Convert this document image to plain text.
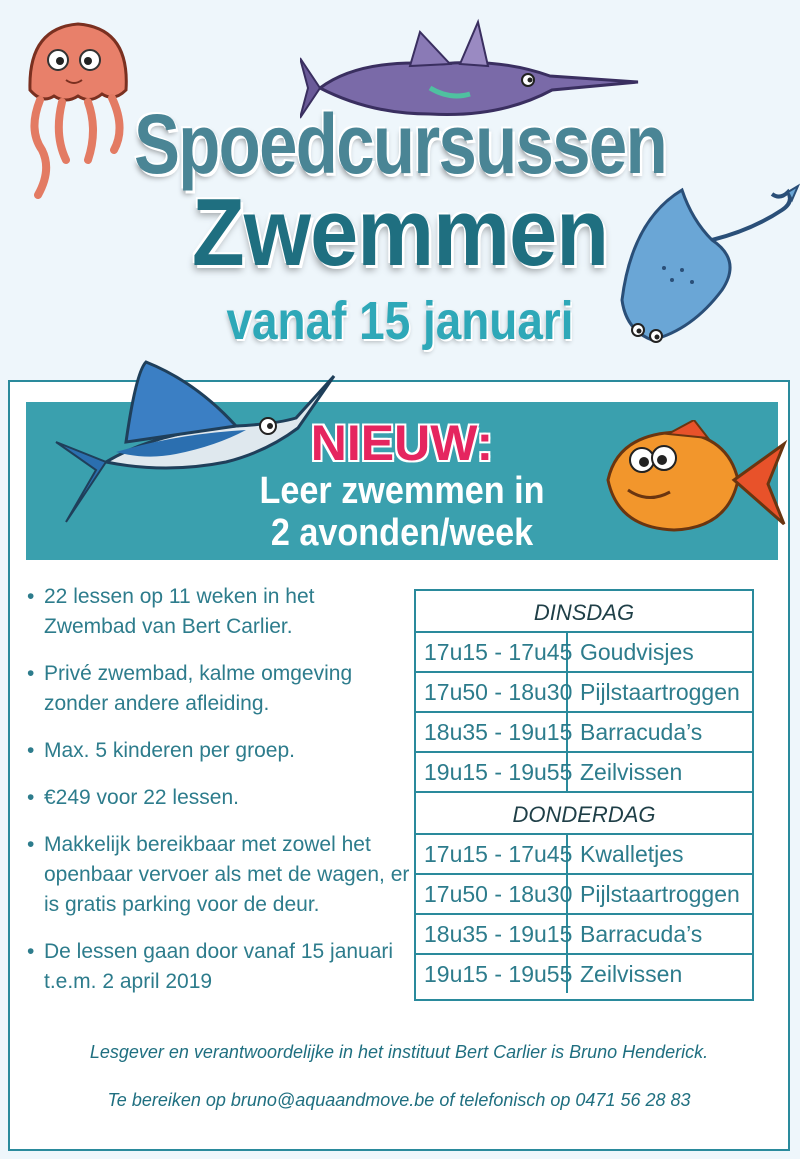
Spoedcursussen
Zwemmen
vanaf 15 januari
NIEUW:
Leer zwemmen in
2 avonden/week
• 22 lessen op 11 weken in het Zwembad van Bert Carlier.
• Privé zwembad, kalme omgeving zonder andere afleiding.
• Max. 5 kinderen per groep.
• €249 voor 22 lessen.
• Makkelijk bereikbaar met zowel het openbaar vervoer als met de wagen, er is gratis parking voor de deur.
• De lessen gaan door vanaf 15 januari t.e.m. 2 april 2019
DINSDAG
17u15 - 17u45 Goudvisjes
17u50 - 18u30 Pijlstaartroggen
18u35 - 19u15 Barracuda’s
19u15 - 19u55 Zeilvissen
DONDERDAG
17u15 - 17u45 Kwalletjes
17u50 - 18u30 Pijlstaartroggen
18u35 - 19u15 Barracuda’s
19u15 - 19u55 Zeilvissen
Lesgever en verantwoordelijke in het instituut Bert Carlier is Bruno Henderick.
Te bereiken op bruno@aquaandmove.be of telefonisch op 0471 56 28 83
